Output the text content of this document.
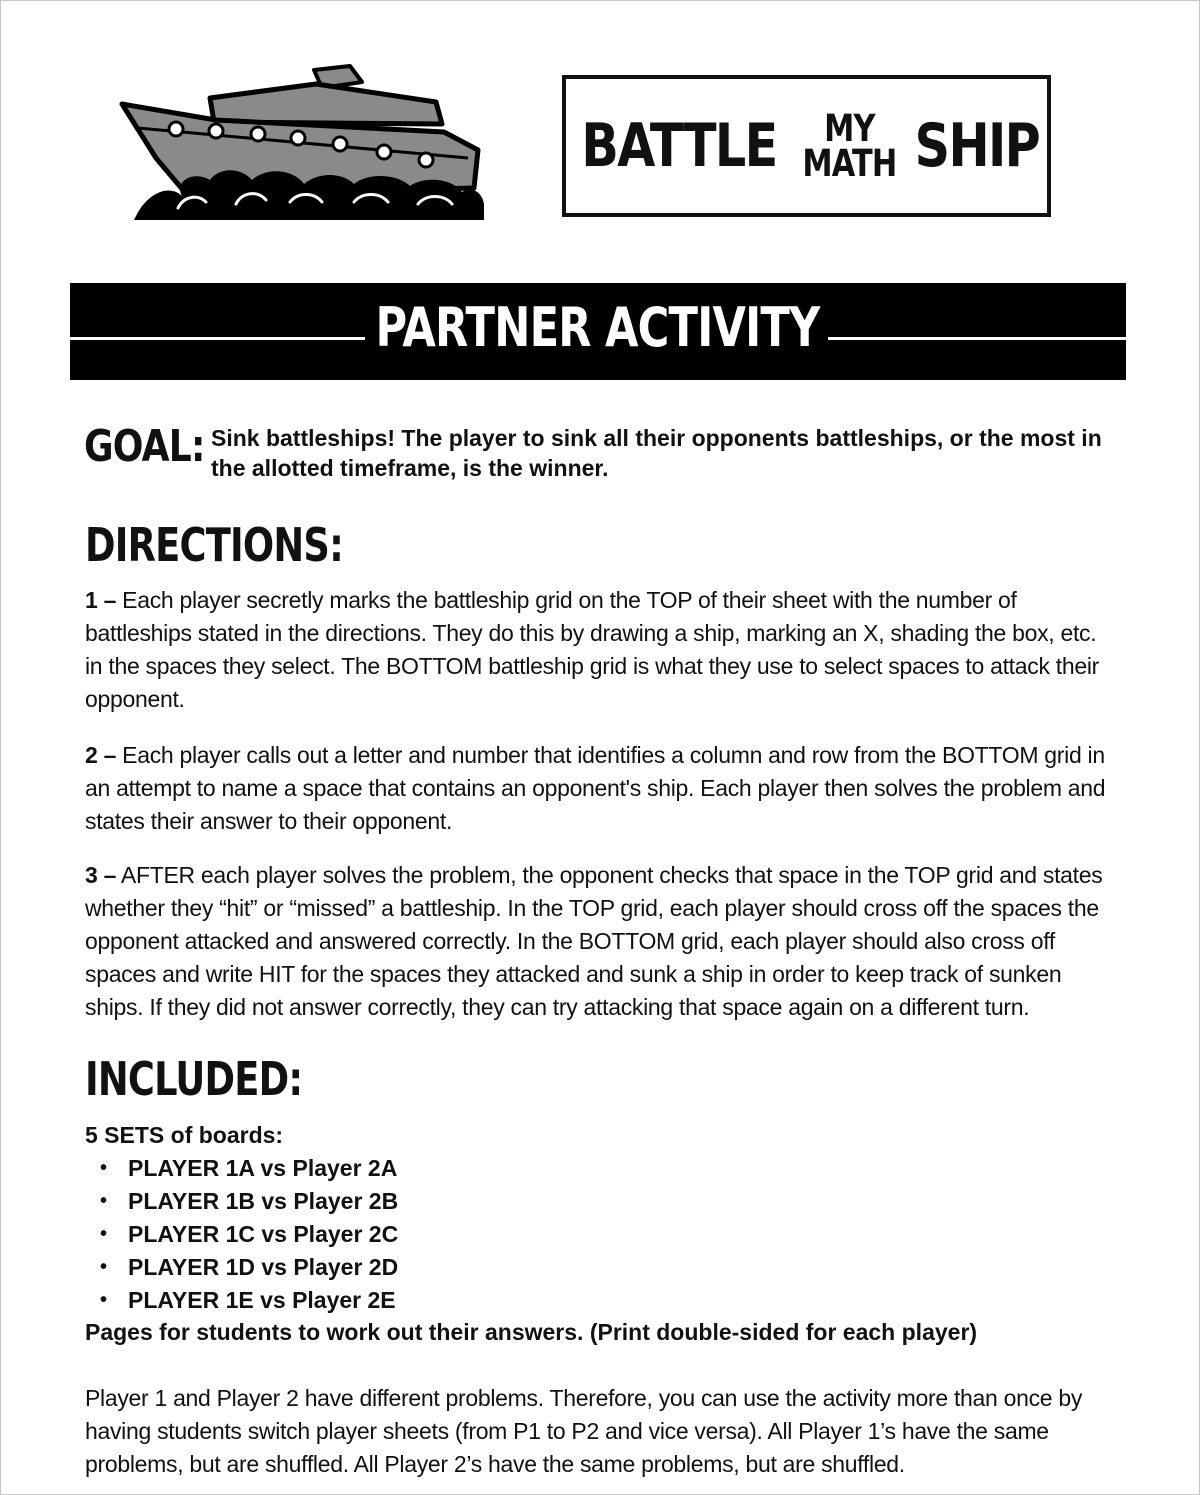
BATTLE MY
MATH SHIP
PARTNER ACTIVITY
GOAL: Sink battleships! The player to sink all their opponents battleships, or the most in the allotted timeframe, is the winner.
DIRECTIONS:
1 – Each player secretly marks the battleship grid on the TOP of their sheet with the number of battleships stated in the directions. They do this by drawing a ship, marking an X, shading the box, etc. in the spaces they select. The BOTTOM battleship grid is what they use to select spaces to attack their opponent.
2 – Each player calls out a letter and number that identifies a column and row from the BOTTOM grid in an attempt to name a space that contains an opponent's ship. Each player then solves the problem and states their answer to their opponent.
3 – AFTER each player solves the problem, the opponent checks that space in the TOP grid and states whether they “hit” or “missed” a battleship. In the TOP grid, each player should cross off the spaces the opponent attacked and answered correctly. In the BOTTOM grid, each player should also cross off spaces and write HIT for the spaces they attacked and sunk a ship in order to keep track of sunken ships. If they did not answer correctly, they can try attacking that space again on a different turn.
INCLUDED:
5 SETS of boards:
• PLAYER 1A vs Player 2A
• PLAYER 1B vs Player 2B
• PLAYER 1C vs Player 2C
• PLAYER 1D vs Player 2D
• PLAYER 1E vs Player 2E
Pages for students to work out their answers. (Print double-sided for each player)
Player 1 and Player 2 have different problems. Therefore, you can use the activity more than once by having students switch player sheets (from P1 to P2 and vice versa). All Player 1’s have the same problems, but are shuffled. All Player 2’s have the same problems, but are shuffled.
